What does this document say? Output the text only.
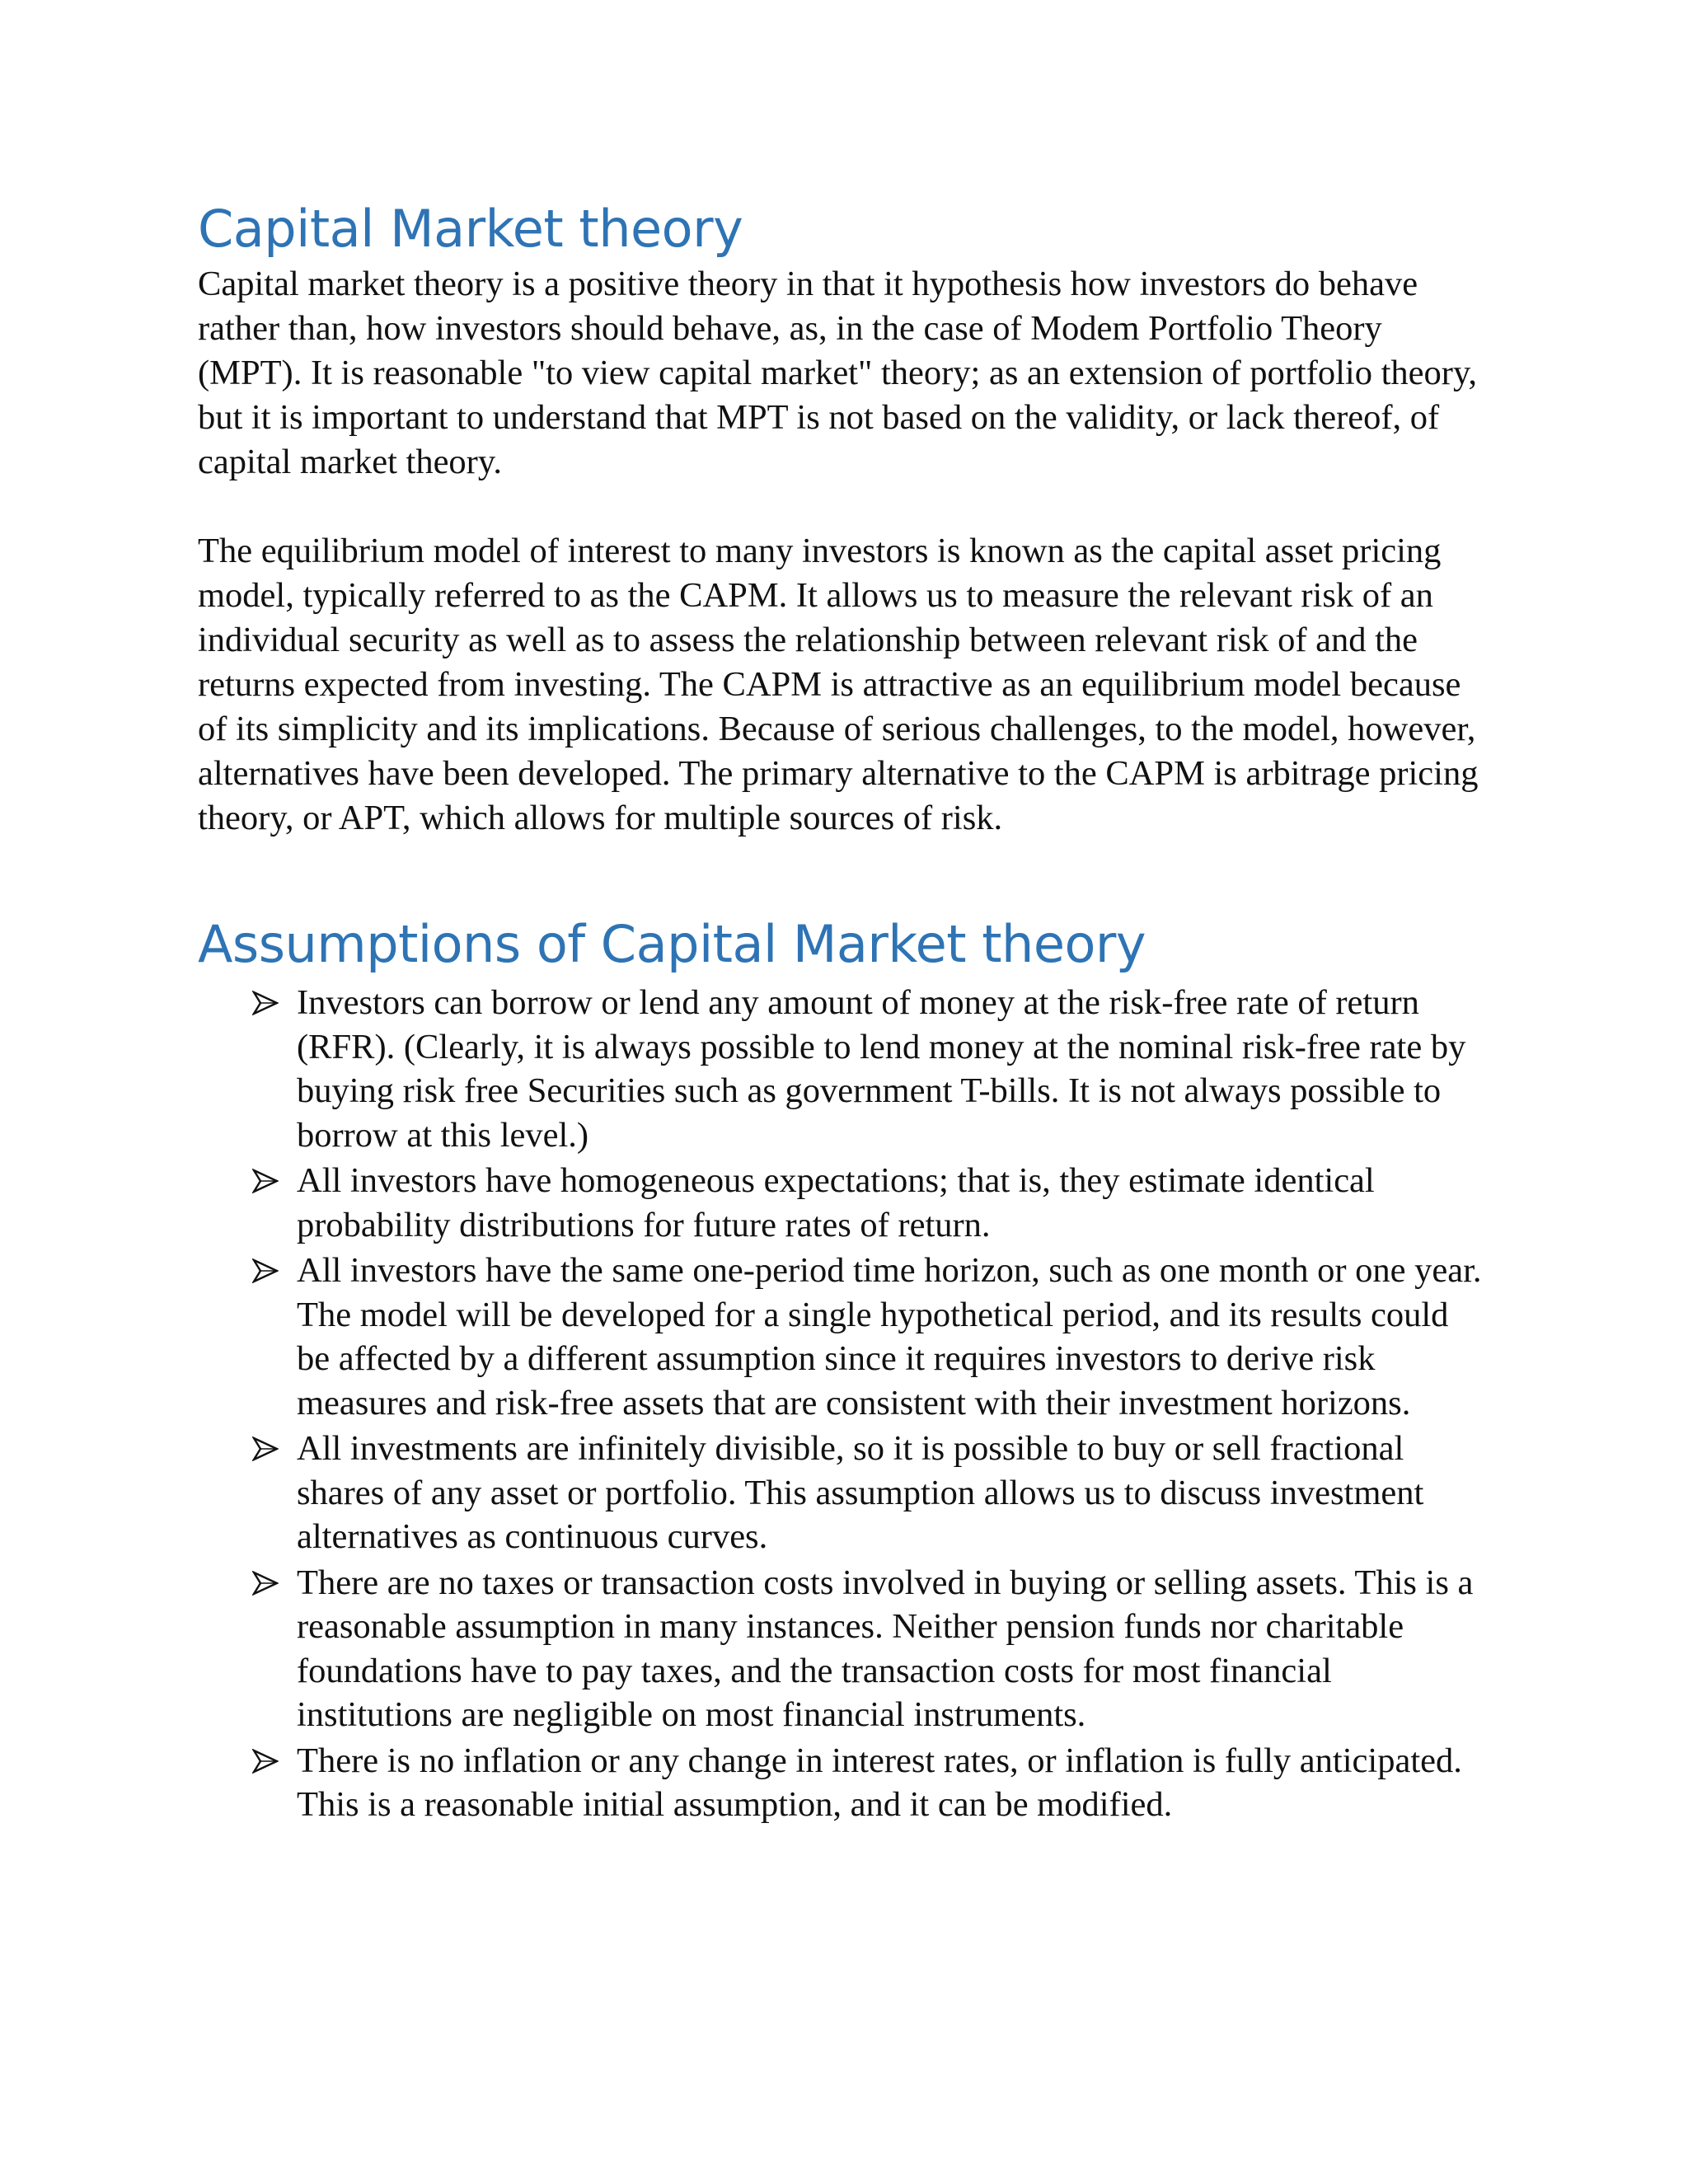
Capital Market theory

Capital market theory is a positive theory in that it hypothesis how investors do behave rather than, how investors should behave, as, in the case of Modem Portfolio Theory (MPT). It is reasonable "to view capital market" theory; as an extension of portfolio theory, but it is important to understand that MPT is not based on the validity, or lack thereof, of capital market theory.

The equilibrium model of interest to many investors is known as the capital asset pricing model, typically referred to as the CAPM. It allows us to measure the relevant risk of an individual security as well as to assess the relationship between relevant risk of and the returns expected from investing. The CAPM is attractive as an equilibrium model because of its simplicity and its implications. Because of serious challenges, to the model, however, alternatives have been developed. The primary alternative to the CAPM is arbitrage pricing theory, or APT, which allows for multiple sources of risk.

Assumptions of Capital Market theory
Investors can borrow or lend any amount of money at the risk-free rate of return (RFR). (Clearly, it is always possible to lend money at the nominal risk-free rate by buying risk free Securities such as government T-bills. It is not always possible to borrow at this level.)
All investors have homogeneous expectations; that is, they estimate identical probability distributions for future rates of return.
All investors have the same one-period time horizon, such as one month or one year. The model will be developed for a single hypothetical period, and its results could be affected by a different assumption since it requires investors to derive risk measures and risk-free assets that are consistent with their investment horizons.
All investments are infinitely divisible, so it is possible to buy or sell fractional shares of any asset or portfolio. This assumption allows us to discuss investment alternatives as continuous curves.
There are no taxes or transaction costs involved in buying or selling assets. This is a reasonable assumption in many instances. Neither pension funds nor charitable foundations have to pay taxes, and the transaction costs for most financial institutions are negligible on most financial instruments.
There is no inflation or any change in interest rates, or inflation is fully anticipated. This is a reasonable initial assumption, and it can be modified.
